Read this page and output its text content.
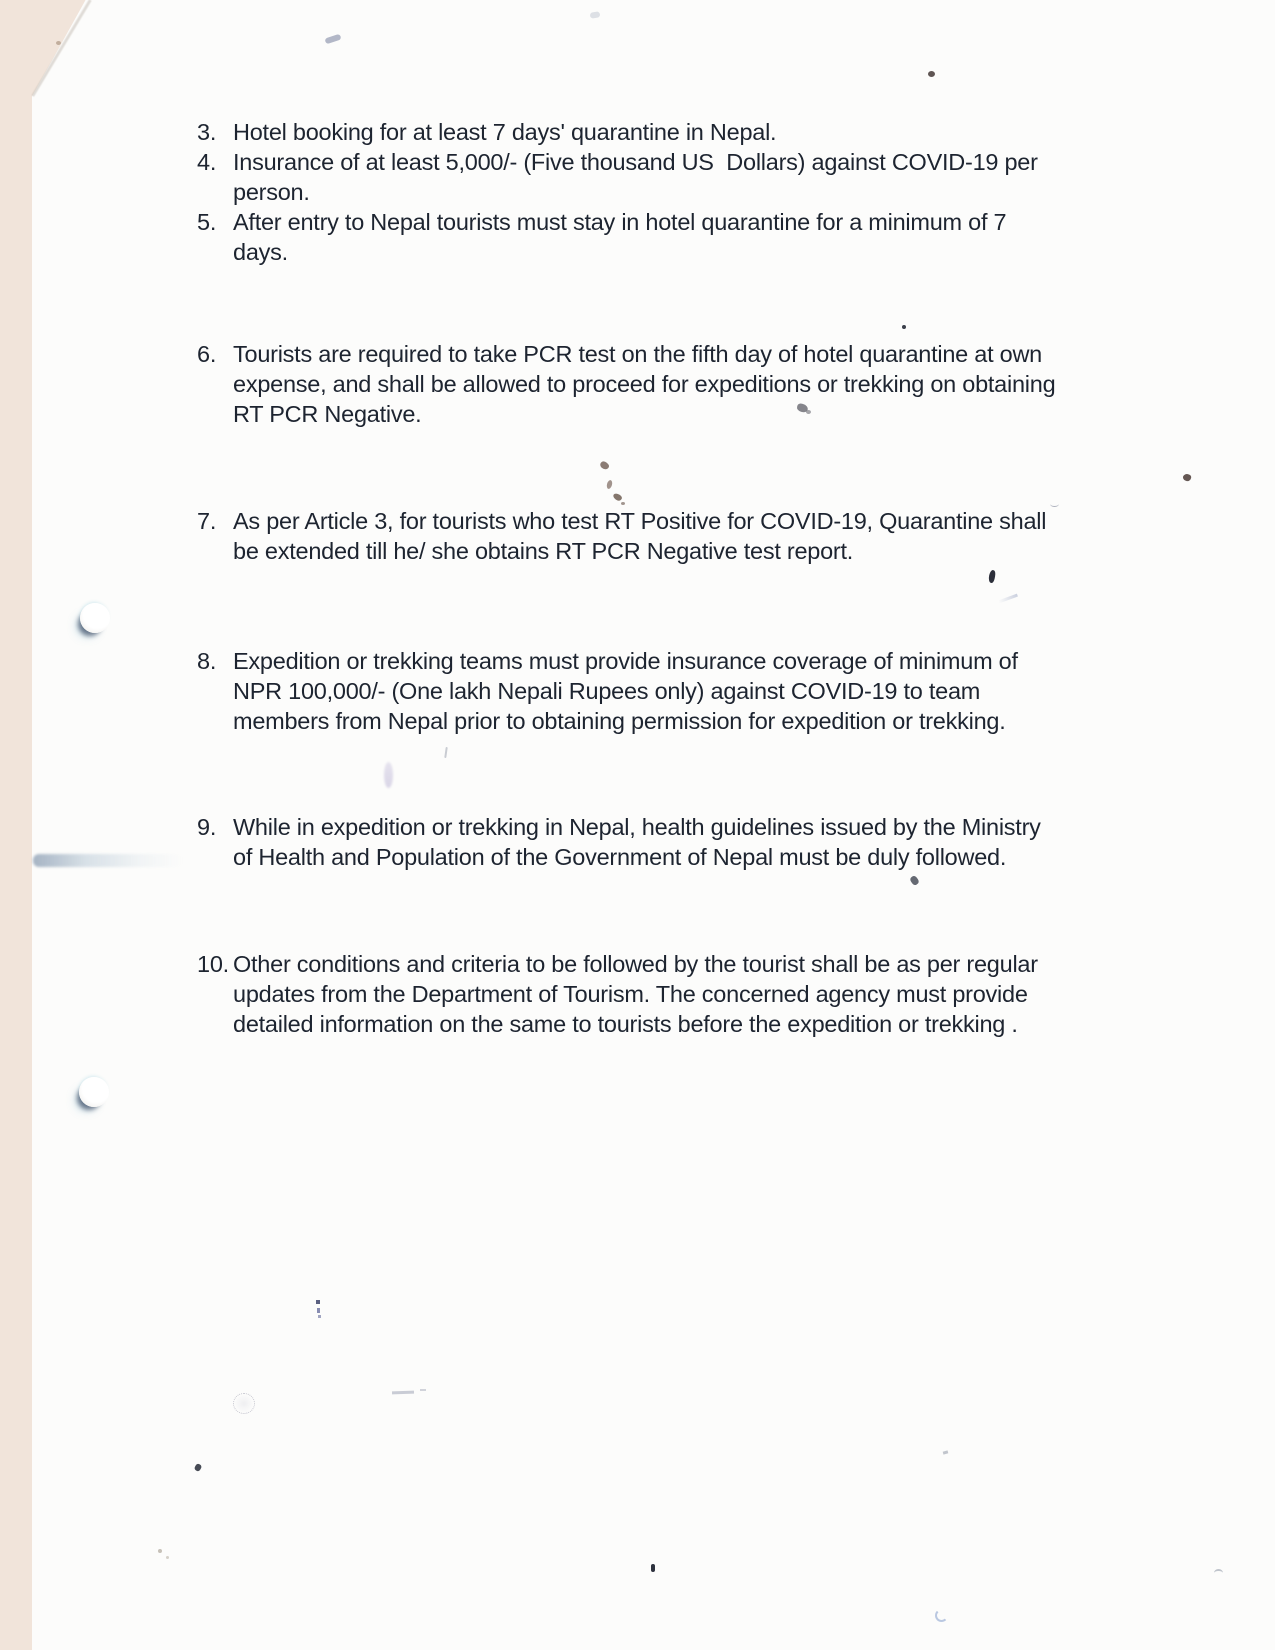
3. Hotel booking for at least 7 days' quarantine in Nepal.
4. Insurance of at least 5,000/- (Five thousand US  Dollars) against COVID-19 per
person.
5. After entry to Nepal tourists must stay in hotel quarantine for a minimum of 7
days.
6. Tourists are required to take PCR test on the fifth day of hotel quarantine at own
expense, and shall be allowed to proceed for expeditions or trekking on obtaining
RT PCR Negative.
7. As per Article 3, for tourists who test RT Positive for COVID-19, Quarantine shall
be extended till he/ she obtains RT PCR Negative test report.
8. Expedition or trekking teams must provide insurance coverage of minimum of
NPR 100,000/- (One lakh Nepali Rupees only) against COVID-19 to team
members from Nepal prior to obtaining permission for expedition or trekking.
9. While in expedition or trekking in Nepal, health guidelines issued by the Ministry
of Health and Population of the Government of Nepal must be duly followed.
10. Other conditions and criteria to be followed by the tourist shall be as per regular
updates from the Department of Tourism. The concerned agency must provide
detailed information on the same to tourists before the expedition or trekking .
